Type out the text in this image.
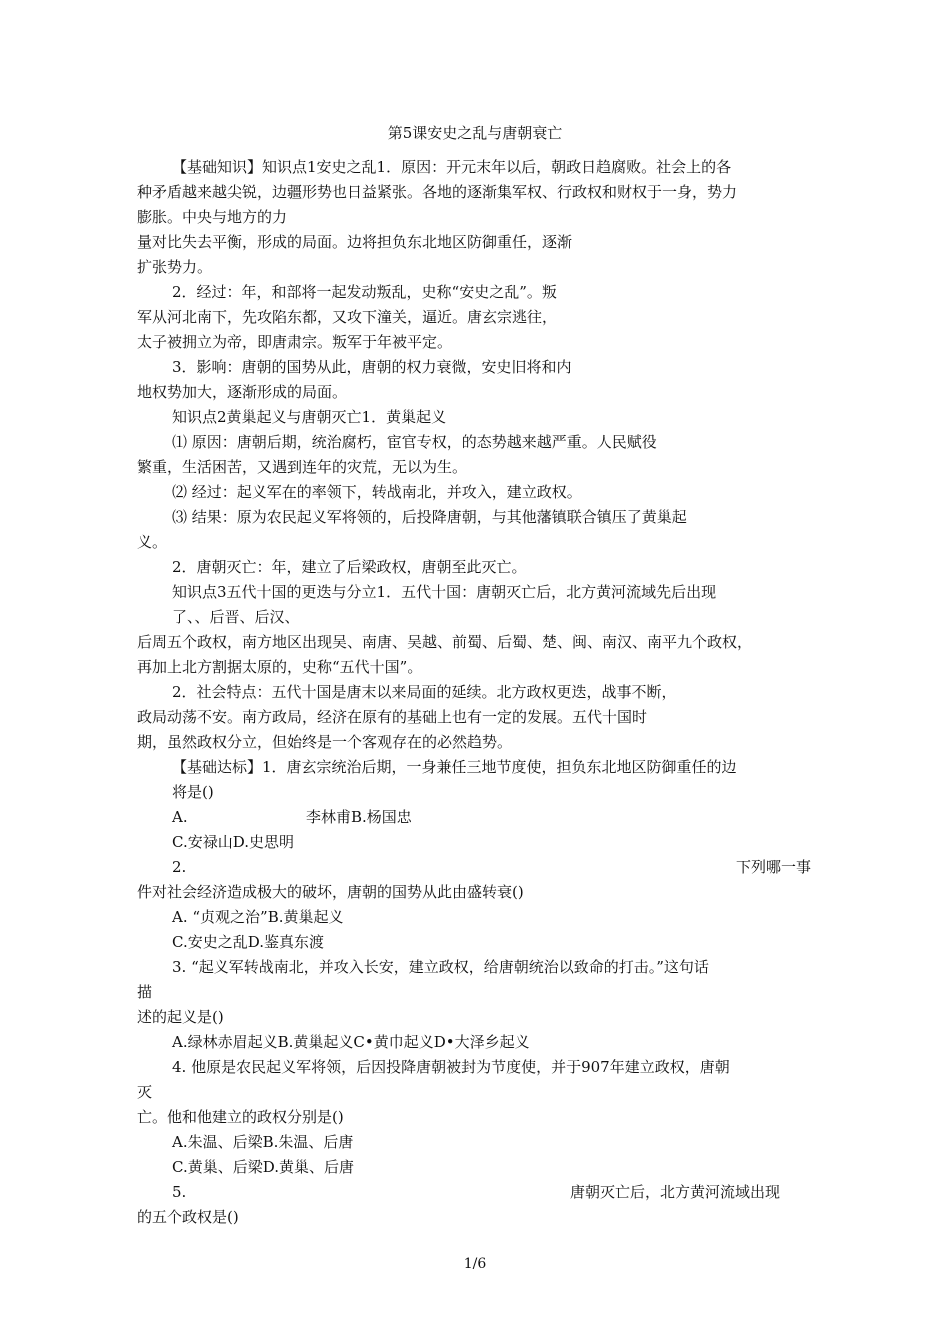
第5课安史之乱与唐朝衰亡
【基础知识】知识点1安史之乱1．原因：开元末年以后，朝政日趋腐败。社会上的各
种矛盾越来越尖锐，边疆形势也日益紧张。各地的逐渐集军权、行政权和财权于一身，势力
膨胀。中央与地方的力
量对比失去平衡，形成的局面。边将担负东北地区防御重任，逐渐
扩张势力。
2．经过：年，和部将一起发动叛乱，史称“安史之乱”。叛
军从河北南下，先攻陷东都，又攻下潼关，逼近。唐玄宗逃往，
太子被拥立为帝，即唐肃宗。叛军于年被平定。
3．影响：唐朝的国势从此，唐朝的权力衰微，安史旧将和内
地权势加大，逐渐形成的局面。
知识点2黄巢起义与唐朝灭亡1．黄巢起义
⑴ 原因：唐朝后期，统治腐朽，宦官专权，的态势越来越严重。人民赋役
繁重，生活困苦，又遇到连年的灾荒，无以为生。
⑵ 经过：起义军在的率领下，转战南北，并攻入，建立政权。
⑶ 结果：原为农民起义军将领的，后投降唐朝，与其他藩镇联合镇压了黄巢起
义。
2．唐朝灭亡：年，建立了后梁政权，唐朝至此灭亡。
知识点3五代十国的更迭与分立1．五代十国：唐朝灭亡后，北方黄河流域先后出现
了、、后晋、后汉、
后周五个政权，南方地区出现吴、南唐、吴越、前蜀、后蜀、楚、闽、南汉、南平九个政权，
再加上北方割据太原的，史称“五代十国”。
2．社会特点：五代十国是唐末以来局面的延续。北方政权更迭，战事不断，
政局动荡不安。南方政局，经济在原有的基础上也有一定的发展。五代十国时
期，虽然政权分立，但始终是一个客观存在的必然趋势。
【基础达标】1．唐玄宗统治后期，一身兼任三地节度使，担负东北地区防御重任的边
将是()
A.	李林甫B.杨国忠
C.安禄山D.史思明
2.	下列哪一事
件对社会经济造成极大的破坏，唐朝的国势从此由盛转衰()
A. “贞观之治”B.黄巢起义
C.安史之乱D.鉴真东渡
3. “起义军转战南北，并攻入长安，建立政权，给唐朝统治以致命的打击。”这句话
描
述的起义是()
A.绿林赤眉起义B.黄巢起义C•黄巾起义D•大泽乡起义
4. 他原是农民起义军将领，后因投降唐朝被封为节度使，并于907年建立政权，唐朝
灭
亡。他和他建立的政权分别是()
A.朱温、后梁B.朱温、后唐
C.黄巢、后梁D.黄巢、后唐
5.	唐朝灭亡后，北方黄河流域出现
的五个政权是()
1/6
